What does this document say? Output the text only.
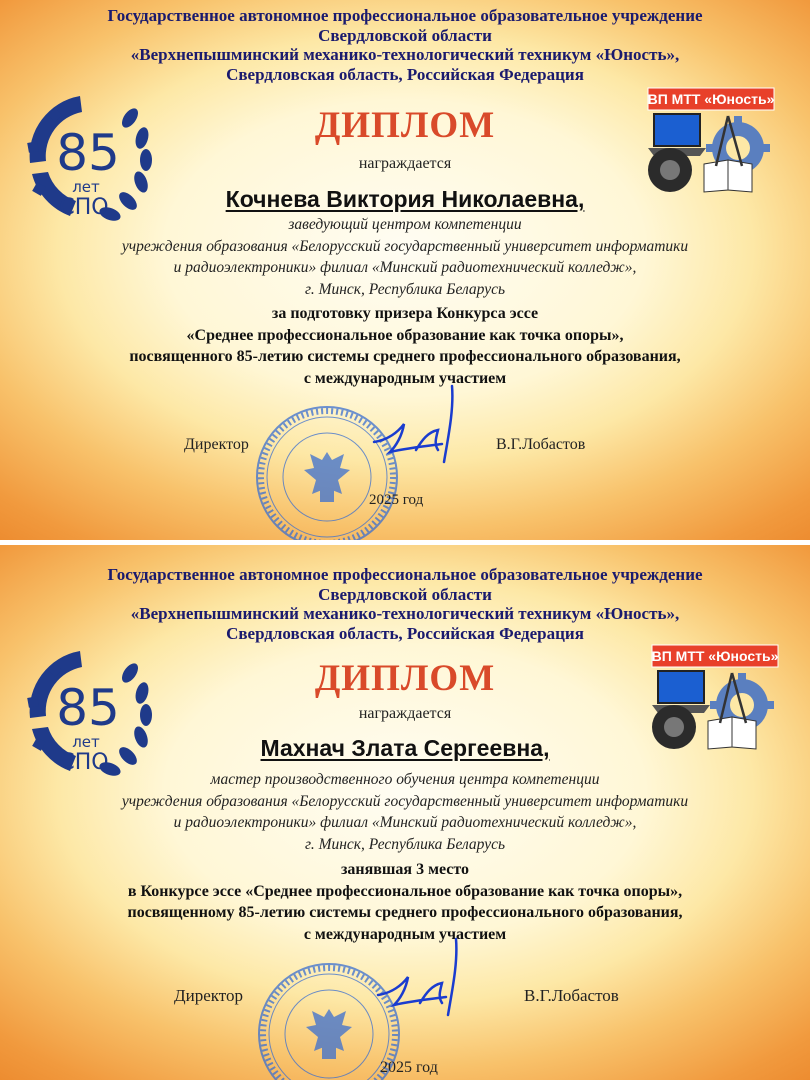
Государственное автономное профессиональное образовательное учреждение
Свердловской области
«Верхнепышминский механико-технологический техникум «Юность»,
Свердловская область, Российская Федерация
85
лет
СПО
ВП МТТ «Юность»
ДИПЛОМ
награждается
Кочнева Виктория Николаевна,
заведующий центром компетенции
учреждения образования «Белорусский государственный университет информатики
и радиоэлектроники» филиал «Минский радиотехнический колледж»,
г. Минск, Республика Беларусь
за подготовку призера Конкурса эссе
«Среднее профессиональное образование как точка опоры»,
посвященного 85-летию системы среднего профессионального образования,
с международным участием
Директор	В.Г.Лобастов
2025 год
Государственное автономное профессиональное образовательное учреждение
Свердловской области
«Верхнепышминский механико-технологический техникум «Юность»,
Свердловская область, Российская Федерация
85
лет
СПО
ВП МТТ «Юность»
ДИПЛОМ
награждается
Махнач Злата Сергеевна,
мастер производственного обучения центра компетенции
учреждения образования «Белорусский государственный университет информатики
и радиоэлектроники» филиал «Минский радиотехнический колледж»,
г. Минск, Республика Беларусь
занявшая 3 место
в Конкурсе эссе «Среднее профессиональное образование как точка опоры»,
посвященному 85-летию системы среднего профессионального образования,
с международным участием
Директор	В.Г.Лобастов
2025 год
